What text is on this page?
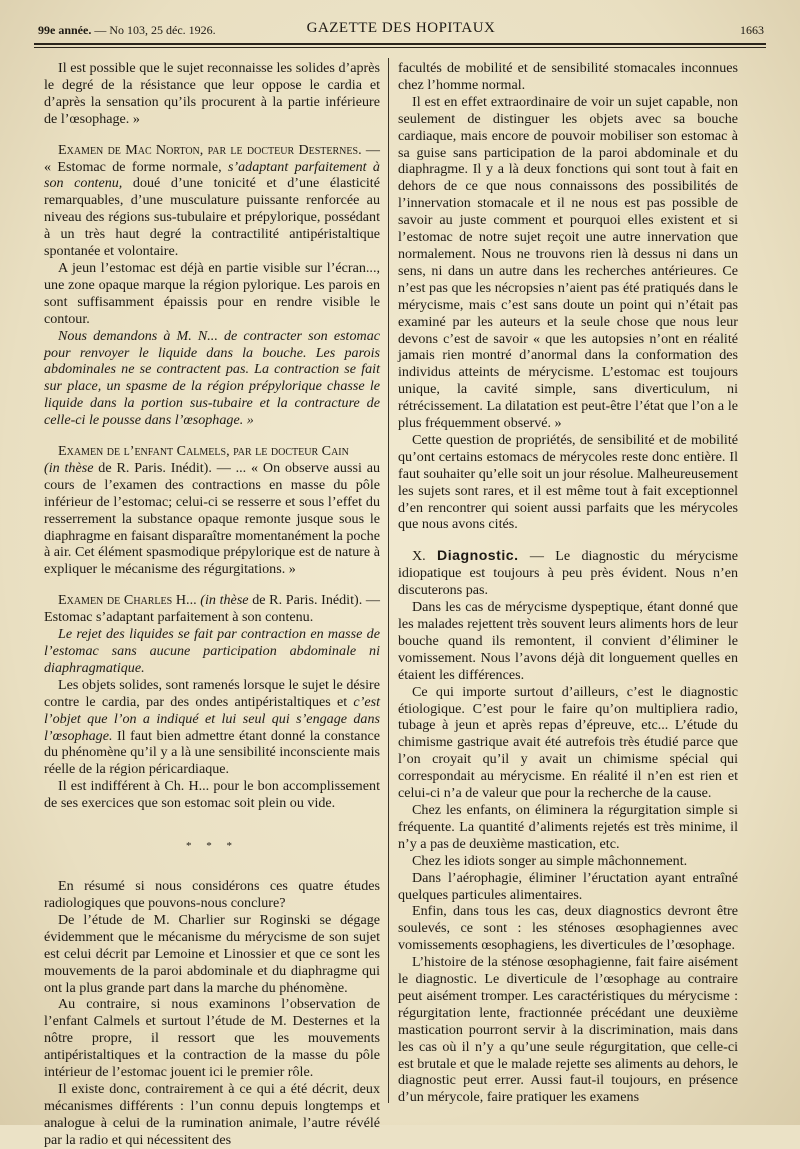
99e année. — No 103, 25 déc. 1926.	GAZETTE DES HOPITAUX	1663

Il est possible que le sujet reconnaisse les solides d’après le degré de la résistance que leur oppose le cardia et d’après la sensation qu’ils procurent à la partie inférieure de l’œsophage. »

Examen de Mac Norton, par le docteur Desternes. — « Estomac de forme normale, s’adaptant parfaitement à son contenu, doué d’une tonicité et d’une élasticité remarquables, d’une musculature puissante renforcée au niveau des régions sus-tubulaire et prépylorique, possédant à un très haut degré la contractilité antipéristaltique spontanée et volontaire.

A jeun l’estomac est déjà en partie visible sur l’écran..., une zone opaque marque la région pylorique. Les parois en sont suffisamment épaissis pour en rendre visible le contour.

Nous demandons à M. N... de contracter son estomac pour renvoyer le liquide dans la bouche. Les parois abdominales ne se contractent pas. La contraction se fait sur place, un spasme de la région prépylorique chasse le liquide dans la portion sus-tubaire et la contracture de celle-ci le pousse dans l’œsophage. »

Examen de l’enfant Calmels, par le docteur Cain

(in thèse de R. Paris. Inédit). — ... « On observe aussi au cours de l’examen des contractions en masse du pôle inférieur de l’estomac; celui-ci se resserre et sous l’effet du resserrement la substance opaque remonte jusque sous le diaphragme en faisant disparaître momentanément la poche à air. Cet élément spasmodique prépylorique est de nature à expliquer le mécanisme des régurgitations. »

Examen de Charles H... (in thèse de R. Paris. Inédit). — Estomac s’adaptant parfaitement à son contenu.

Le rejet des liquides se fait par contraction en masse de l’estomac sans aucune participation abdominale ni diaphragmatique.

Les objets solides, sont ramenés lorsque le sujet le désire contre le cardia, par des ondes antipéristaltiques et c’est l’objet que l’on a indiqué et lui seul qui s’engage dans l’œsophage. Il faut bien admettre étant donné la constance du phénomène qu’il y a là une sensibilité inconsciente mais réelle de la région péricardiaque.

Il est indifférent à Ch. H... pour le bon accomplissement de ses exercices que son estomac soit plein ou vide.

* * *

En résumé si nous considérons ces quatre études radiologiques que pouvons-nous conclure?

De l’étude de M. Charlier sur Roginski se dégage évidemment que le mécanisme du mérycisme de son sujet est celui décrit par Lemoine et Linossier et que ce sont les mouvements de la paroi abdominale et du diaphragme qui ont la plus grande part dans la marche du phénomène.

Au contraire, si nous examinons l’observation de l’enfant Calmels et surtout l’étude de M. Desternes et la nôtre propre, il ressort que les mouvements antipéristaltiques et la contraction de la masse du pôle intérieur de l’estomac jouent ici le premier rôle.

Il existe donc, contrairement à ce qui a été décrit, deux mécanismes différents : l’un connu depuis longtemps et analogue à celui de la rumination animale, l’autre révélé par la radio et qui nécessitent des

facultés de mobilité et de sensibilité stomacales inconnues chez l’homme normal.

Il est en effet extraordinaire de voir un sujet capable, non seulement de distinguer les objets avec sa bouche cardiaque, mais encore de pouvoir mobiliser son estomac à sa guise sans participation de la paroi abdominale et du diaphragme. Il y a là deux fonctions qui sont tout à fait en dehors de ce que nous connaissons des possibilités de l’innervation stomacale et il ne nous est pas possible de savoir au juste comment et pourquoi elles existent et si l’estomac de notre sujet reçoit une autre innervation que normalement. Nous ne trouvons rien là dessus ni dans un sens, ni dans un autre dans les recherches antérieures. Ce n’est pas que les nécropsies n’aient pas été pratiqués dans le mérycisme, mais c’est sans doute un point qui n’était pas examiné par les auteurs et la seule chose que nous leur devons c’est de savoir « que les autopsies n’ont en réalité jamais rien montré d’anormal dans la conformation des individus atteints de mérycisme. L’estomac est toujours unique, la cavité simple, sans diverticulum, ni rétrécissement. La dilatation est peut-être l’état que l’on a le plus fréquemment observé. »

Cette question de propriétés, de sensibilité et de mobilité qu’ont certains estomacs de mérycoles reste donc entière. Il faut souhaiter qu’elle soit un jour résolue. Malheureusement les sujets sont rares, et il est même tout à fait exceptionnel d’en rencontrer qui soient aussi parfaits que les mérycoles que nous avons cités.

X. Diagnostic. — Le diagnostic du mérycisme idiopatique est toujours à peu près évident. Nous n’en discuterons pas.

Dans les cas de mérycisme dyspeptique, étant donné que les malades rejettent très souvent leurs aliments hors de leur bouche quand ils remontent, il convient d’éliminer le vomissement. Nous l’avons déjà dit longuement quelles en étaient les différences.

Ce qui importe surtout d’ailleurs, c’est le diagnostic étiologique. C’est pour le faire qu’on multipliera radio, tubage à jeun et après repas d’épreuve, etc... L’étude du chimisme gastrique avait été autrefois très étudié parce que l’on croyait qu’il y avait un chimisme spécial qui correspondait au mérycisme. En réalité il n’en est rien et celui-ci n’a de valeur que pour la recherche de la cause.

Chez les enfants, on éliminera la régurgitation simple si fréquente. La quantité d’aliments rejetés est très minime, il n’y a pas de deuxième mastication, etc.

Chez les idiots songer au simple mâchonnement.

Dans l’aérophagie, éliminer l’éructation ayant entraîné quelques particules alimentaires.

Enfin, dans tous les cas, deux diagnostics devront être soulevés, ce sont : les sténoses œsophagiennes avec vomissements œsophagiens, les diverticules de l’œsophage.

L’histoire de la sténose œsophagienne, fait faire aisément le diagnostic. Le diverticule de l’œsophage au contraire peut aisément tromper. Les caractéristiques du mérycisme : régurgitation lente, fractionnée précédant une deuxième mastication pourront servir à la discrimination, mais dans les cas où il n’y a qu’une seule régurgitation, que celle-ci est brutale et que le malade rejette ses aliments au dehors, le diagnostic peut errer. Aussi faut-il toujours, en présence d’un mérycole, faire pratiquer les examens
